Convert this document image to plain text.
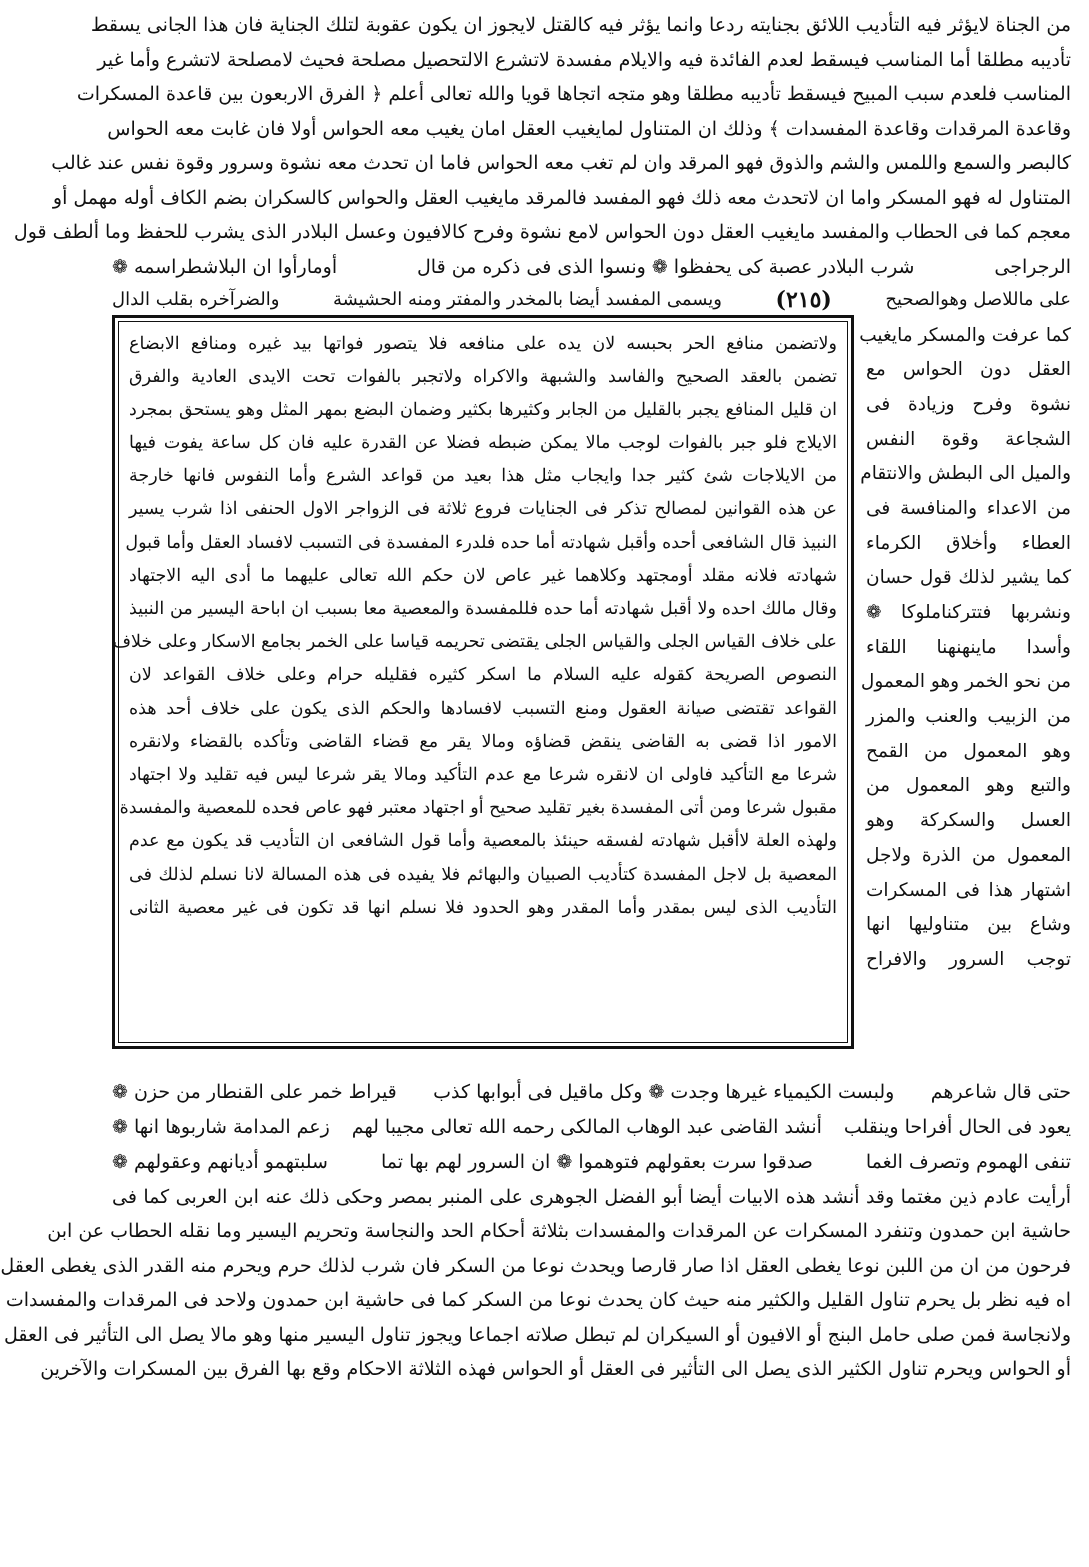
من الجناة لايؤثر فيه التأديب اللائق بجنايته ردعا وانما يؤثر فيه كالقتل لايجوز ان يكون عقوبة لتلك الجناية فان هذا الجانى يسقط
تأديبه مطلقا أما المناسب فيسقط لعدم الفائدة فيه والايلام مفسدة لاتشرع الالتحصيل مصلحة فحيث لامصلحة لاتشرع وأما غير
المناسب فلعدم سبب المبيح فيسقط تأديبه مطلقا وهو متجه اتجاها قويا والله تعالى أعلم ﴿ الفرق الاربعون بين قاعدة المسكرات
وقاعدة المرقدات وقاعدة المفسدات ﴾ وذلك ان المتناول لمايغيب العقل امان يغيب معه الحواس أولا فان غابت معه الحواس
كالبصر والسمع واللمس والشم والذوق فهو المرقد وان لم تغب معه الحواس فاما ان تحدث معه نشوة وسرور وقوة نفس عند غالب
المتناول له فهو المسكر واما ان لاتحدث معه ذلك فهو المفسد فالمرقد مايغيب العقل والحواس كالسكران بضم الكاف أوله مهمل أو
معجم كما فى الحطاب والمفسد مايغيب العقل دون الحواس لامع نشوة وفرح كالافيون وعسل البلادر الذى يشرب للحفظ وما ألطف قول
الرجراجى
شرب البلادر عصبة كى يحفظوا ❁ ونسوا الذى فى ذكره من قال
أومارأوا ان البلاشطراسمه ❁
على ماللاصل وهوالصحيح
(٢١٥)
ويسمى المفسد أيضا بالمخدر والمفتر ومنه الحشيشة
والضرآخره بقلب الدال
كما عرفت والمسكر مايغيب
العقل دون الحواس مع
نشوة وفرح وزيادة فى
الشجاعة وقوة النفس
والميل الى البطش والانتقام
من الاعداء والمنافسة فى
العطاء وأخلاق الكرماء
كما يشير لذلك قول حسان
ونشربها فتتركناملوكا ❁
وأسدا ماينهنهنا اللقاء
من نحو الخمر وهو المعمول
من الزبيب والعنب والمزر
وهو المعمول من القمح
والتبع وهو المعمول من
العسل والسكركة وهو
المعمول من الذرة ولاجل
اشتهار هذا فى المسكرات
وشاع بين متناوليها انها
توجب السرور والافراح
ولاتضمن منافع الحر بحبسه لان يده على منافعه فلا يتصور فواتها بيد غيره ومنافع الابضاع
تضمن بالعقد الصحيح والفاسد والشبهة والاكراه ولاتجبر بالفوات تحت الايدى العادية والفرق
ان قليل المنافع يجبر بالقليل من الجابر وكثيرها بكثير وضمان البضع بمهر المثل وهو يستحق بمجرد
الايلاج فلو جبر بالفوات لوجب مالا يمكن ضبطه فضلا عن القدرة عليه فان كل ساعة يفوت فيها
من الايلاجات شئ كثير جدا وايجاب مثل هذا بعيد من قواعد الشرع وأما النفوس فانها خارجة
عن هذه القوانين لمصالح تذكر فى الجنايات فروع ثلاثة فى الزواجر الاول الحنفى اذا شرب يسير
النبيذ قال الشافعى أحده وأقبل شهادته أما حده فلدرء المفسدة فى التسبب لافساد العقل وأما قبول
شهادته فلانه مقلد أومجتهد وكلاهما غير عاص لان حكم الله تعالى عليهما ما أدى اليه الاجتهاد
وقال مالك احده ولا أقبل شهادته أما حده فللمفسدة والمعصية معا بسبب ان اباحة اليسير من النبيذ
على خلاف القياس الجلى والقياس الجلى يقتضى تحريمه قياسا على الخمر بجامع الاسكار وعلى خلاف
النصوص الصريحة كقوله عليه السلام ما اسكر كثيره فقليله حرام وعلى خلاف القواعد لان
القواعد تقتضى صيانة العقول ومنع التسبب لافسادها والحكم الذى يكون على خلاف أحد هذه
الامور اذا قضى به القاضى ينقض قضاؤه ومالا يقر مع قضاء القاضى وتأكده بالقضاء ولانقره
شرعا مع التأكيد فاولى ان لانقره شرعا مع عدم التأكيد ومالا يقر شرعا ليس فيه تقليد ولا اجتهاد
مقبول شرعا ومن أتى المفسدة بغير تقليد صحيح أو اجتهاد معتبر فهو عاص فحده للمعصية والمفسدة
ولهذه العلة لاأقبل شهادته لفسقه حينئذ بالمعصية وأما قول الشافعى ان التأديب قد يكون مع عدم
المعصية بل لاجل المفسدة كتأديب الصبيان والبهائم فلا يفيده فى هذه المسالة لانا نسلم لذلك فى
التأديب الذى ليس بمقدر وأما المقدر وهو الحدود فلا نسلم انها قد تكون فى غير معصية الثانى
حتى قال شاعرهم
ولبست الكيمياء غيرها وجدت ❁ وكل ماقيل فى أبوابها كذب
قيراط خمر على القنطار من حزن ❁
يعود فى الحال أفراحا وينقلب
أنشد القاضى عبد الوهاب المالكى رحمه الله تعالى مجيبا لهم
زعم المدامة شاربوها انها ❁
تنفى الهموم وتصرف الغما
صدقوا سرت بعقولهم فتوهموا ❁ ان السرور لهم بها تما
سلبتهمو أديانهم وعقولهم ❁
أرأيت عادم ذين مغتما وقد أنشد هذه الابيات أيضا أبو الفضل الجوهرى على المنبر بمصر وحكى ذلك عنه ابن العربى كما فى
حاشية ابن حمدون وتنفرد المسكرات عن المرقدات والمفسدات بثلاثة أحكام الحد والنجاسة وتحريم اليسير وما نقله الحطاب عن ابن
فرحون من ان من اللبن نوعا يغطى العقل اذا صار قارصا ويحدث نوعا من السكر فان شرب لذلك حرم ويحرم منه القدر الذى يغطى العقل
اه فيه نظر بل يحرم تناول القليل والكثير منه حيث كان يحدث نوعا من السكر كما فى حاشية ابن حمدون ولاحد فى المرقدات والمفسدات
ولانجاسة فمن صلى حامل البنج أو الافيون أو السيكران لم تبطل صلاته اجماعا ويجوز تناول اليسير منها وهو مالا يصل الى التأثير فى العقل
أو الحواس ويحرم تناول الكثير الذى يصل الى التأثير فى العقل أو الحواس فهذه الثلاثة الاحكام وقع بها الفرق بين المسكرات والآخرين
